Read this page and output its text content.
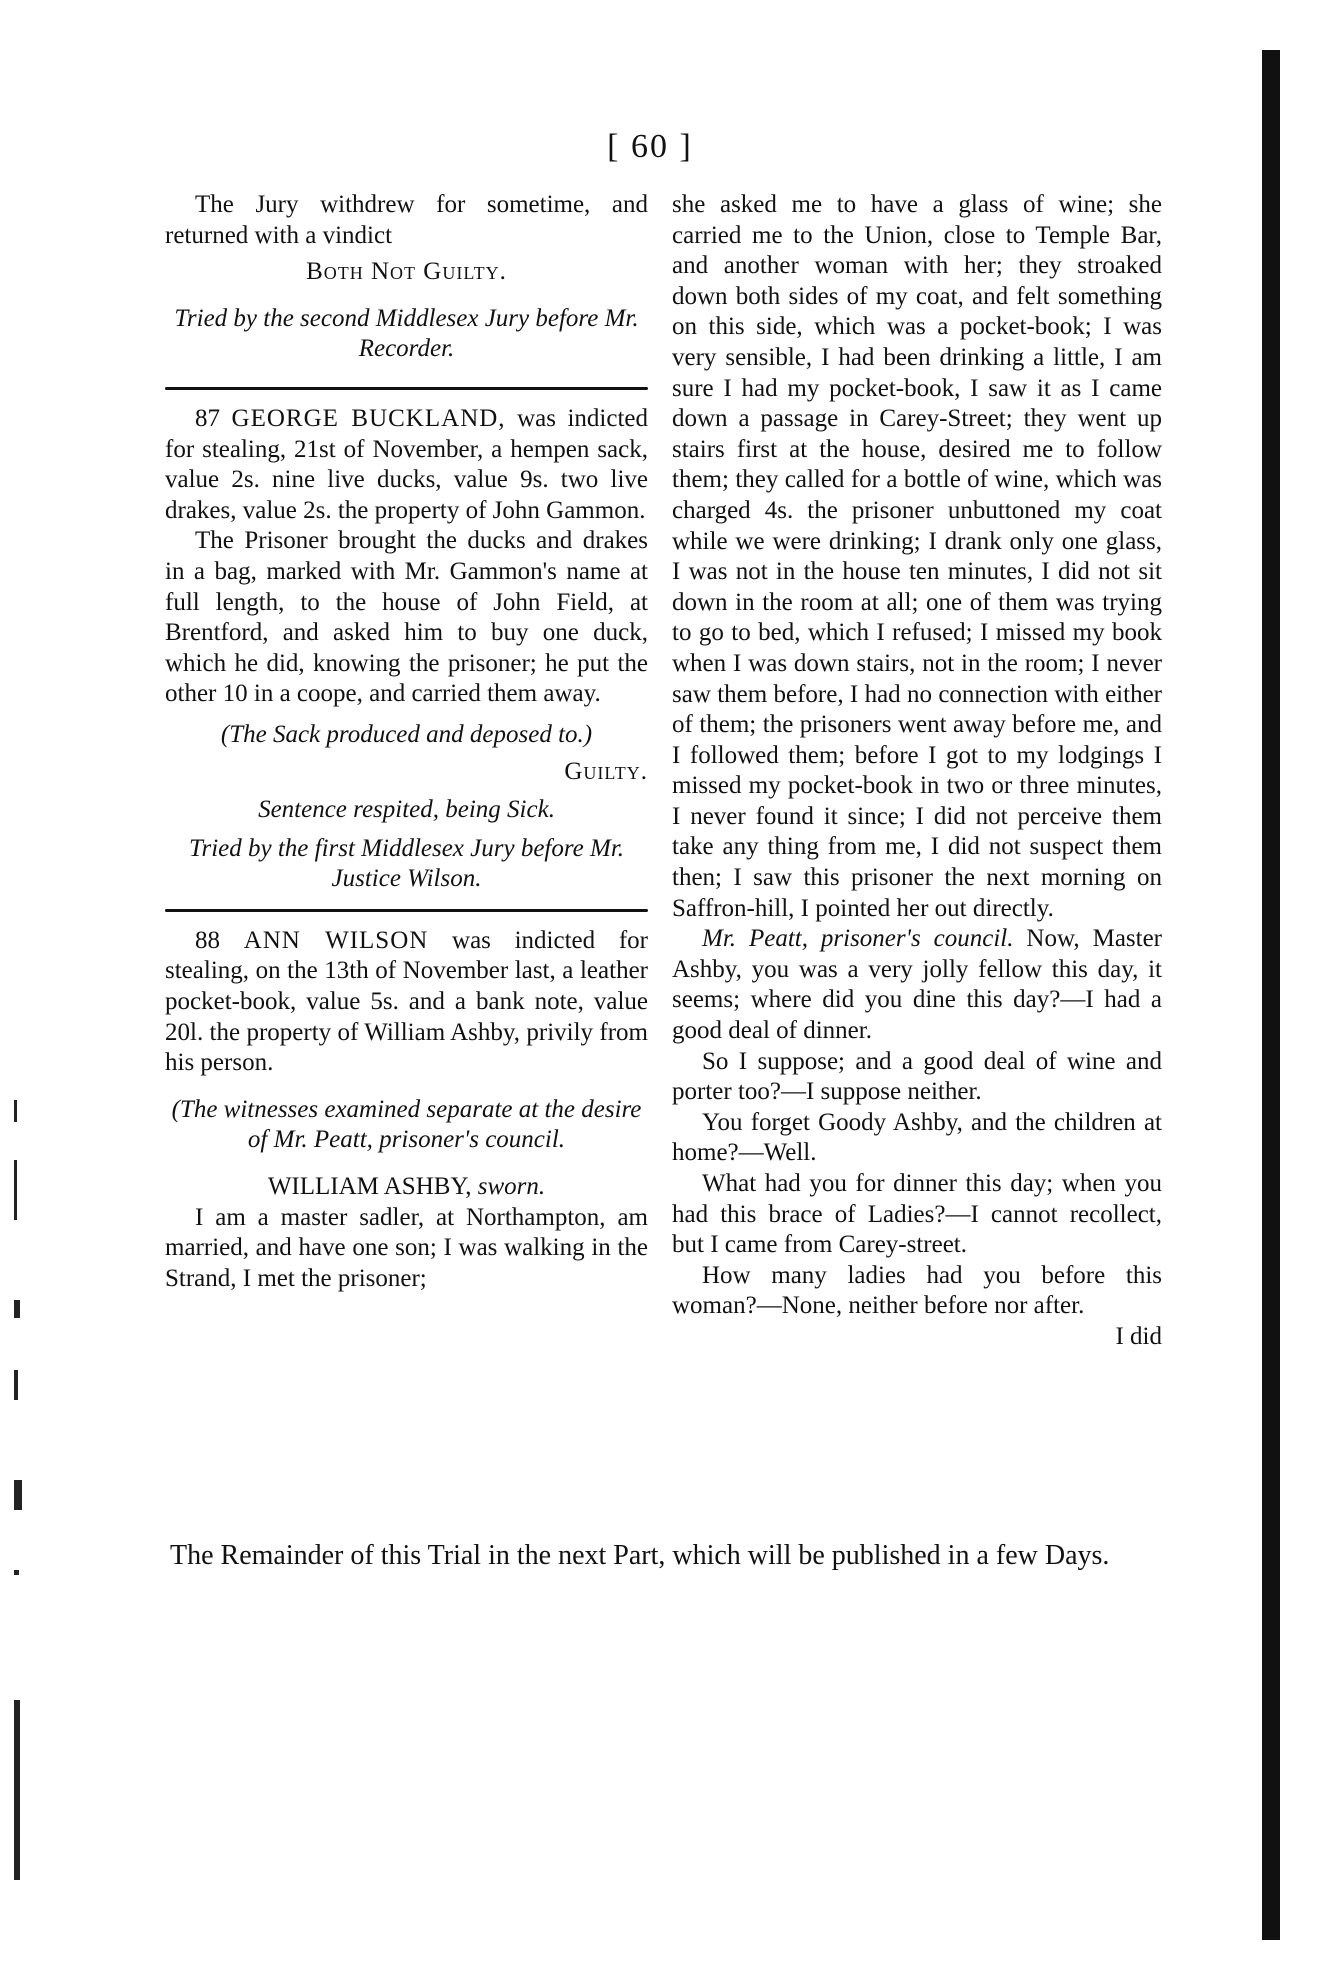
[ 60 ]

The Jury withdrew for sometime, and returned with a vindict

Both Not Guilty.

Tried by the second Middlesex Jury before Mr. Recorder.

87 GEORGE BUCKLAND, was indicted for stealing, 21st of November, a hempen sack, value 2s. nine live ducks, value 9s. two live drakes, value 2s. the property of John Gammon.

The Prisoner brought the ducks and drakes in a bag, marked with Mr. Gammon's name at full length, to the house of John Field, at Brentford, and asked him to buy one duck, which he did, knowing the prisoner; he put the other 10 in a coope, and carried them away.

(The Sack produced and deposed to.)

Guilty.

Sentence respited, being Sick.

Tried by the first Middlesex Jury before Mr. Justice Wilson.

88 ANN WILSON was indicted for stealing, on the 13th of November last, a leather pocket-book, value 5s. and a bank note, value 20l. the property of William Ashby, privily from his person.

(The witnesses examined separate at the desire of Mr. Peatt, prisoner's council.

WILLIAM ASHBY, sworn.

I am a master sadler, at Northampton, am married, and have one son; I was walking in the Strand, I met the prisoner;

she asked me to have a glass of wine; she carried me to the Union, close to Temple Bar, and another woman with her; they stroaked down both sides of my coat, and felt something on this side, which was a pocket-book; I was very sensible, I had been drinking a little, I am sure I had my pocket-book, I saw it as I came down a passage in Carey-Street; they went up stairs first at the house, desired me to follow them; they called for a bottle of wine, which was charged 4s. the prisoner unbuttoned my coat while we were drinking; I drank only one glass, I was not in the house ten minutes, I did not sit down in the room at all; one of them was trying to go to bed, which I refused; I missed my book when I was down stairs, not in the room; I never saw them before, I had no connection with either of them; the prisoners went away before me, and I followed them; before I got to my lodgings I missed my pocket-book in two or three minutes, I never found it since; I did not perceive them take any thing from me, I did not suspect them then; I saw this prisoner the next morning on Saffron-hill, I pointed her out directly.

Mr. Peatt, prisoner's council. Now, Master Ashby, you was a very jolly fellow this day, it seems; where did you dine this day?—I had a good deal of dinner.

So I suppose; and a good deal of wine and porter too?—I suppose neither.

You forget Goody Ashby, and the children at home?—Well.

What had you for dinner this day; when you had this brace of Ladies?—I cannot recollect, but I came from Carey-street.

How many ladies had you before this woman?—None, neither before nor after.

I did

The Remainder of this Trial in the next Part, which will be published in a few Days.
